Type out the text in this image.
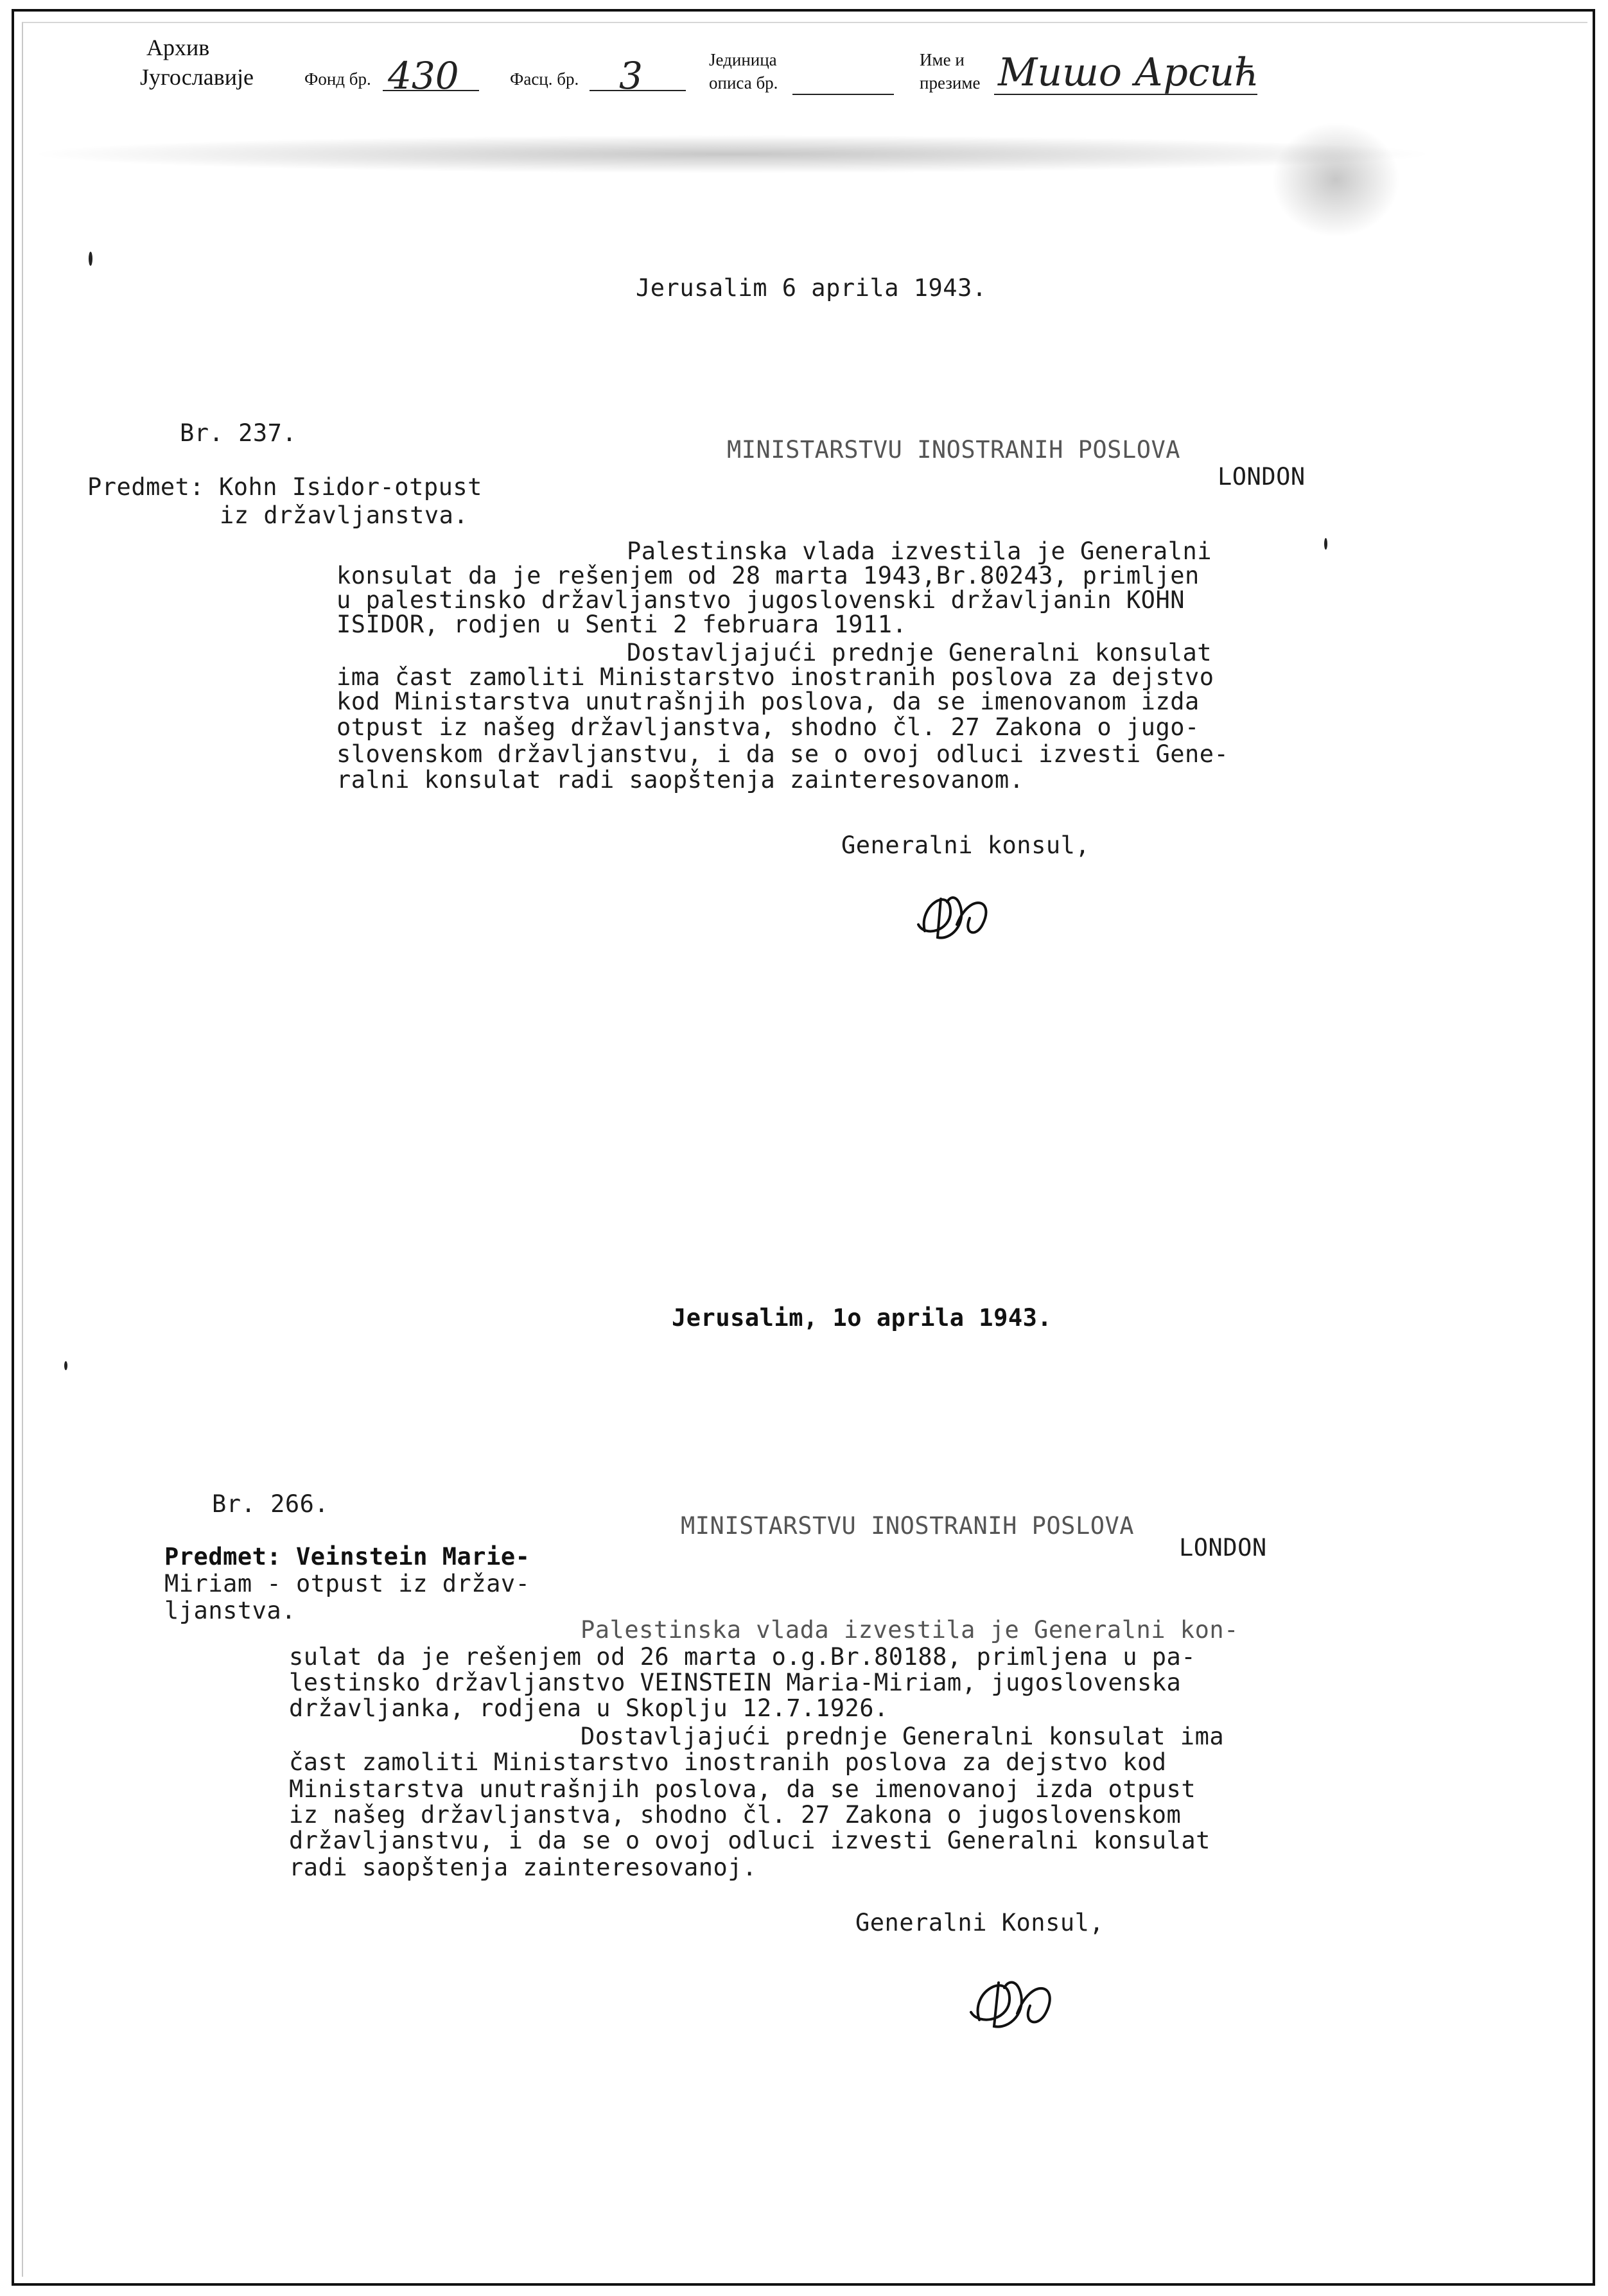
Архив
Југославије	Фонд бр. 430	Фасц. бр. 3	Јединица
описа бр.
Име и
презиме Мишо Арсић
Jerusalim 6 aprila 1943.
Br. 237.
MINISTARSTVU INOSTRANIH POSLOVA
LONDON
Predmet: Kohn Isidor-otpust
iz državljanstva.
Palestinska vlada izvestila je Generalni
konsulat da je rešenjem od 28 marta 1943,Br.80243, primljen
u palestinsko državljanstvo jugoslovenski državljanin KOHN
ISIDOR, rodjen u Senti 2 februara 1911.
Dostavljajući prednje Generalni konsulat
ima čast zamoliti Ministarstvo inostranih poslova za dejstvo
kod Ministarstva unutrašnjih poslova, da se imenovanom izda
otpust iz našeg državljanstva, shodno čl. 27 Zakona o jugo-
slovenskom državljanstvu, i da se o ovoj odluci izvesti Gene-
ralni konsulat radi saopštenja zainteresovanom.
Generalni konsul,
Jerusalim, 1o aprila 1943.
Br. 266.
MINISTARSTVU INOSTRANIH POSLOVA
LONDON
Predmet: Veinstein Marie-
Miriam - otpust iz držav-
ljanstva.
Palestinska vlada izvestila je Generalni kon-
sulat da je rešenjem od 26 marta o.g.Br.80188, primljena u pa-
lestinsko državljanstvo VEINSTEIN Maria-Miriam, jugoslovenska
državljanka, rodjena u Skoplju 12.7.1926.
Dostavljajući prednje Generalni konsulat ima
čast zamoliti Ministarstvo inostranih poslova za dejstvo kod
Ministarstva unutrašnjih poslova, da se imenovanoj izda otpust
iz našeg državljanstva, shodno čl. 27 Zakona o jugoslovenskom
državljanstvu, i da se o ovoj odluci izvesti Generalni konsulat
radi saopštenja zainteresovanoj.
Generalni Konsul,
